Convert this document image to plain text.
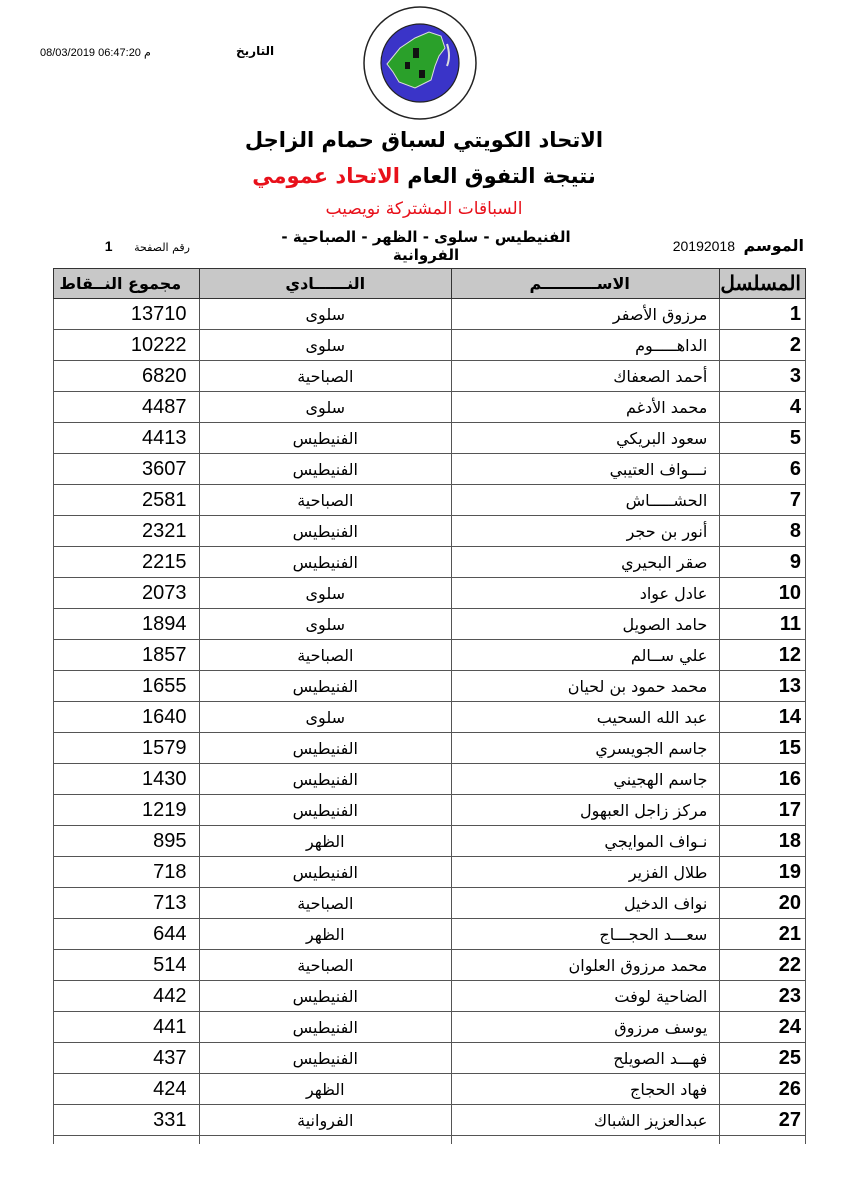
08/03/2019 06:47:20 م	التاريخ
الاتحاد الكويتي لسباق حمام الزاجل
نتيجة التفوق العام الاتحاد عمومي
السباقات المشتركة نويصيب
الموسم 20192018
الفنيطيس - سلوى - الظهر - الصباحية - الفروانية
رقم الصفحة 1
المسلسل	الاســــــــــم	النــــــادي	مجموع النــقاط
1	مرزوق الأصفر	سلوى	13710
2	الداهـــــوم	سلوى	10222
3	أحمد الصعفاك	الصباحية	6820
4	محمد الأدغم	سلوى	4487
5	سعود البريكي	الفنيطيس	4413
6	نـــواف العتيبي	الفنيطيس	3607
7	الحشـــــاش	الصباحية	2581
8	أنور بن حجر	الفنيطيس	2321
9	صقر البحيري	الفنيطيس	2215
10	عادل عواد	سلوى	2073
11	حامد الصويل	سلوى	1894
12	علي ســالم	الصباحية	1857
13	محمد حمود بن لحيان	الفنيطيس	1655
14	عبد الله السحيب	سلوى	1640
15	جاسم الجويسري	الفنيطيس	1579
16	جاسم الهجيني	الفنيطيس	1430
17	مركز زاجل العبهول	الفنيطيس	1219
18	نـواف الموايجي	الظهر	895
19	طلال الفزير	الفنيطيس	718
20	نواف الدخيل	الصباحية	713
21	سعـــد الحجـــاج	الظهر	644
22	محمد مرزوق العلوان	الصباحية	514
23	الضاحية لوفت	الفنيطيس	442
24	يوسف مرزوق	الفنيطيس	441
25	فهـــد الصويلح	الفنيطيس	437
26	فهاد الحجاج	الظهر	424
27	عبدالعزيز الشباك	الفروانية	331
